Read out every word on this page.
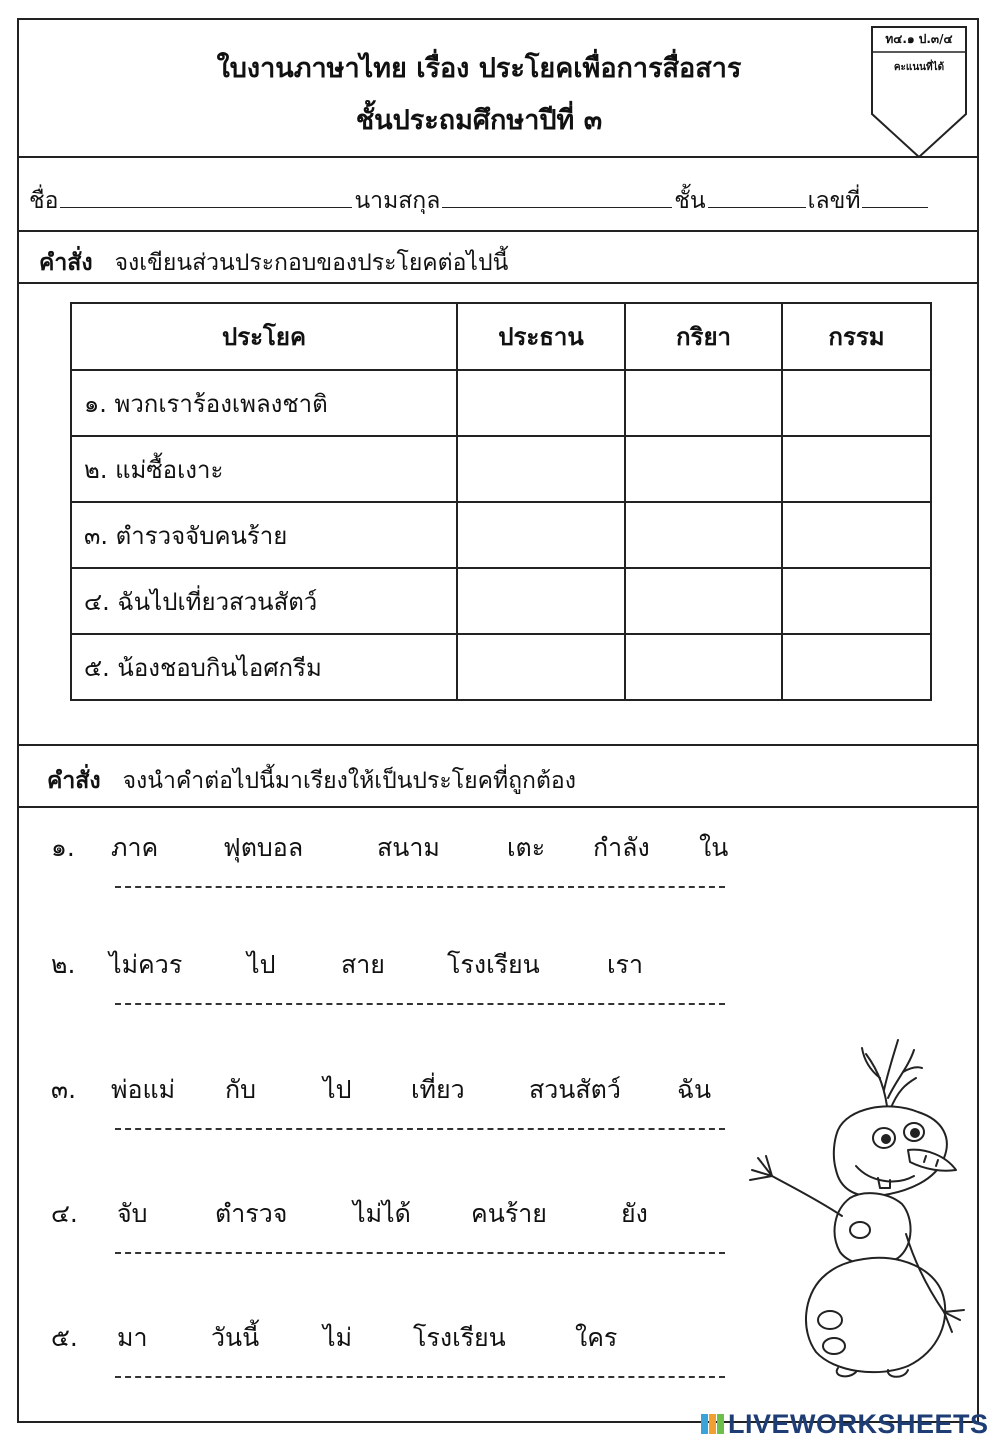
ใบงานภาษาไทย เรื่อง ประโยคเพื่อการสื่อสาร
ชั้นประถมศึกษาปีที่ ๓
ท๔.๑ ป.๓/๔
คะแนนที่ได้
ชื่อ	นามสกุล	ชั้น	เลขที่
คำสั่ง จงเขียนส่วนประกอบของประโยคต่อไปนี้
ประโยค	ประธาน	กริยา	กรรม
๑. พวกเราร้องเพลงชาติ			
๒. แม่ซื้อเงาะ			
๓. ตำรวจจับคนร้าย			
๔. ฉันไปเที่ยวสวนสัตว์			
๕. น้องชอบกินไอศกรีม			
คำสั่ง จงนำคำต่อไปนี้มาเรียงให้เป็นประโยคที่ถูกต้อง
๑. ภาค	ฟุตบอล	สนาม	เตะ กำลัง ใน
๒. ไม่ควร	ไป	สาย โรงเรียน	เรา
๓. พ่อแม่ กับ	ไป เที่ยว	สวนสัตว์ ฉัน
๔. จับ	ตำรวจ	ไม่ได้ คนร้าย	ยัง
๕. มา	วันนี้	ไม่ โรงเรียน	ใคร
LIVEWORKSHEETS
